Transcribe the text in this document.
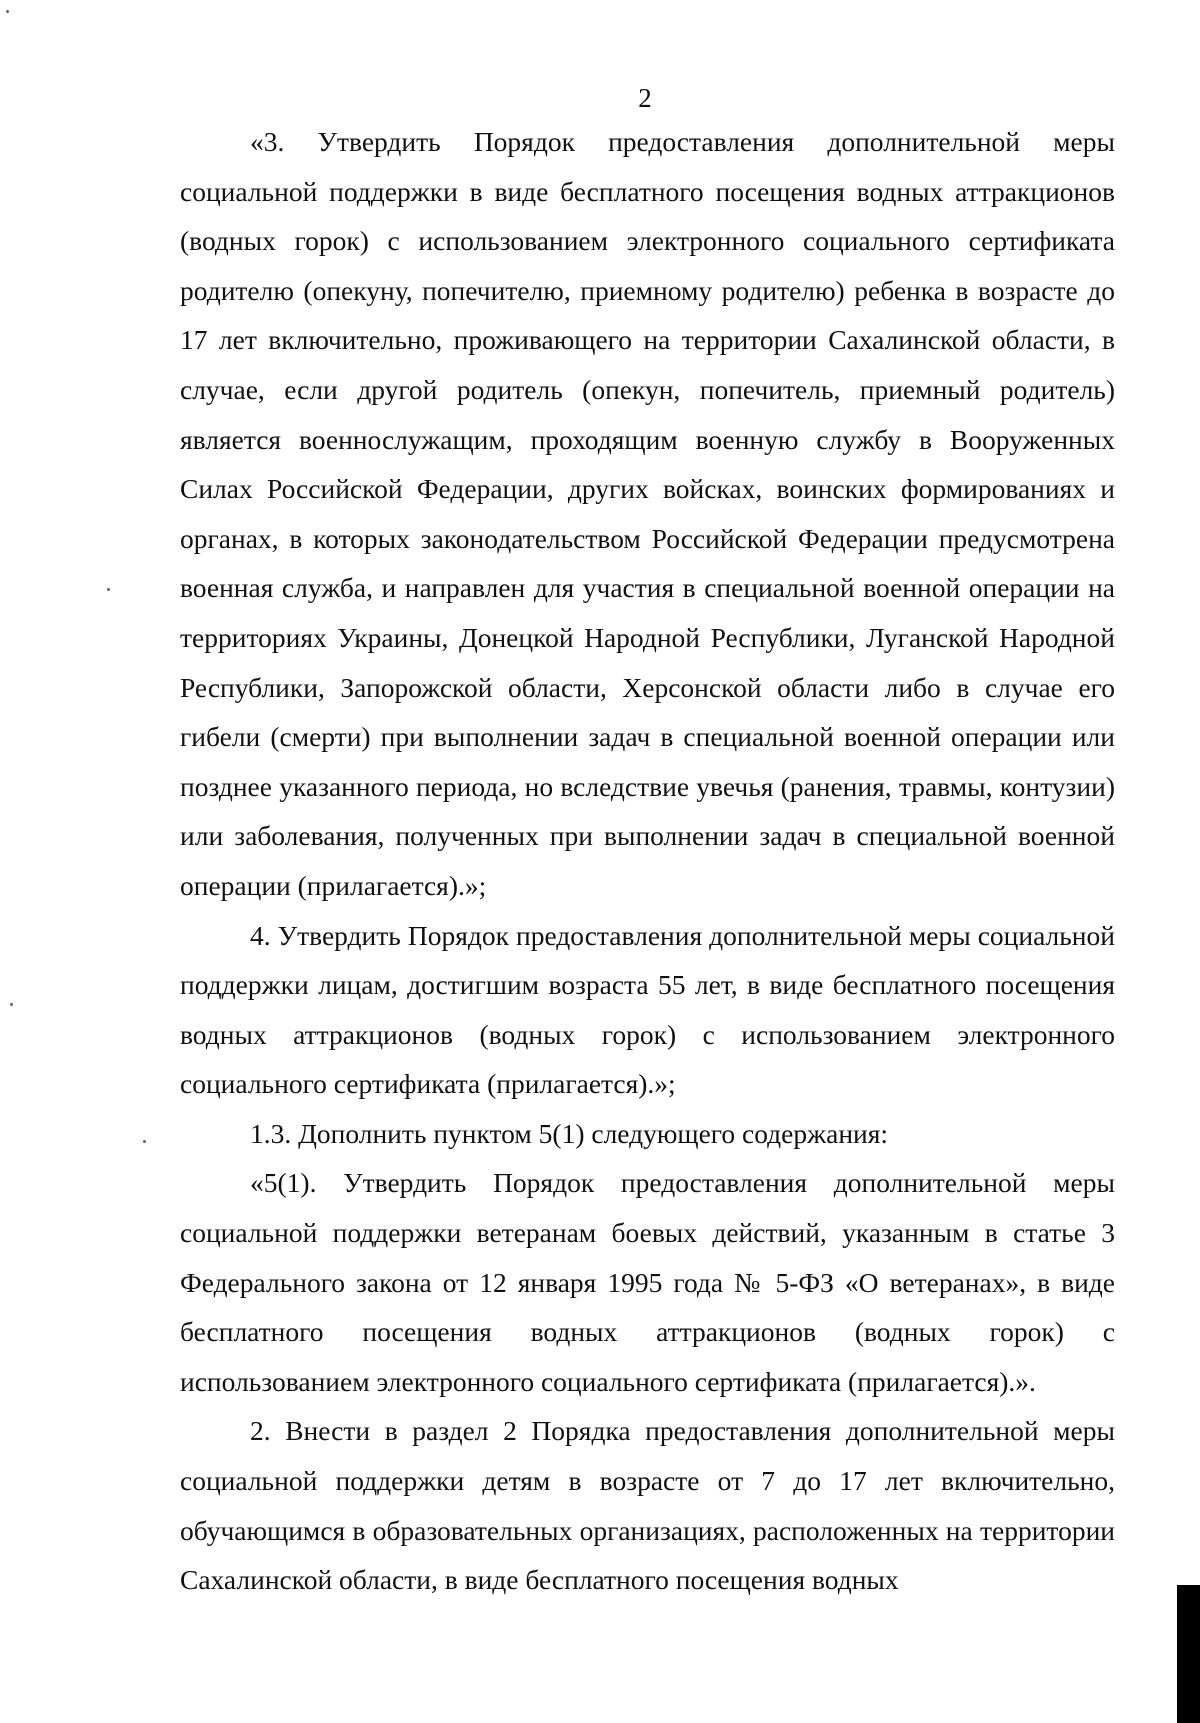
2

«3. Утвердить Порядок предоставления дополнительной меры социальной поддержки в виде бесплатного посещения водных аттракционов (водных горок) с использованием электронного социального сертификата родителю (опекуну, попечителю, приемному родителю) ребенка в возрасте до 17 лет включительно, проживающего на территории Сахалинской области, в случае, если другой родитель (опекун, попечитель, приемный родитель) является военнослужащим, проходящим военную службу в Вооруженных Силах Российской Федерации, других войсках, воинских формированиях и органах, в которых законодательством Российской Федерации предусмотрена военная служба, и направлен для участия в специальной военной операции на территориях Украины, Донецкой Народной Республики, Луганской Народной Республики, Запорожской области, Херсонской области либо в случае его гибели (смерти) при выполнении задач в специальной военной операции или позднее указанного периода, но вследствие увечья (ранения, травмы, контузии) или заболевания, полученных при выполнении задач в специальной военной операции (прилагается).»;

4. Утвердить Порядок предоставления дополнительной меры социальной поддержки лицам, достигшим возраста 55 лет, в виде бесплатного посещения водных аттракционов (водных горок) с использованием электронного социального сертификата (прилагается).»;

1.3. Дополнить пунктом 5(1) следующего содержания:

«5(1). Утвердить Порядок предоставления дополнительной меры социальной поддержки ветеранам боевых действий, указанным в статье 3 Федерального закона от 12 января 1995 года № 5-ФЗ «О ветеранах», в виде бесплатного посещения водных аттракционов (водных горок) с использованием электронного социального сертификата (прилагается).».

2. Внести в раздел 2 Порядка предоставления дополнительной меры социальной поддержки детям в возрасте от 7 до 17 лет включительно, обучающимся в образовательных организациях, расположенных на территории Сахалинской области, в виде бесплатного посещения водных
